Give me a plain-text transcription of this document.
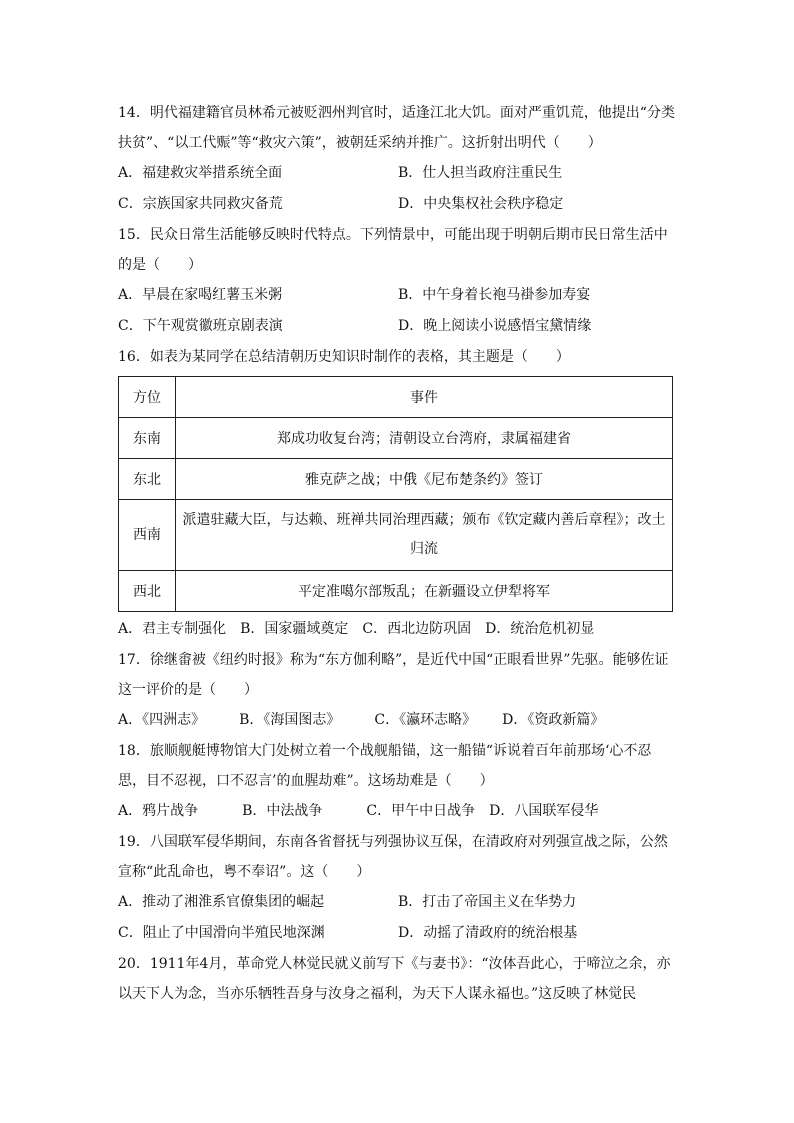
14．明代福建籍官员林希元被贬泗州判官时，适逢江北大饥。面对严重饥荒，他提出“分类扶贫”、“以工代赈”等“救灾六策”，被朝廷采纳并推广。这折射出明代（　　）

A．福建救灾举措系统全面	B．仕人担当政府注重民生
C．宗族国家共同救灾备荒	D．中央集权社会秩序稳定

15．民众日常生活能够反映时代特点。下列情景中，可能出现于明朝后期市民日常生活中的是（　　）

A．早晨在家喝红薯玉米粥	B．中午身着长袍马褂参加寿宴
C．下午观赏徽班京剧表演	D．晚上阅读小说感悟宝黛情缘

16．如表为某同学在总结清朝历史知识时制作的表格，其主题是（　　）

方位	事件
东南	郑成功收复台湾；清朝设立台湾府，隶属福建省
东北	雅克萨之战；中俄《尼布楚条约》签订
西南	派遣驻藏大臣，与达赖、班禅共同治理西藏；颁布《钦定藏内善后章程》；改土归流
西北	平定准噶尔部叛乱；在新疆设立伊犁将军
A．君主专制强化 B．国家疆域奠定 C．西北边防巩固 D．统治危机初显

17．徐继畬被《纽约时报》称为“东方伽利略”，是近代中国“正眼看世界”先驱。能够佐证这一评价的是（　　）

A．《四洲志》 B．《海国图志》 C．《瀛环志略》 D．《资政新篇》

18．旅顺舰艇博物馆大门处树立着一个战舰船锚，这一船锚“诉说着百年前那场‘心不忍思，目不忍视，口不忍言’的血腥劫难”。这场劫难是（　　）

A．鸦片战争	B．中法战争	C．甲午中日战争 D．八国联军侵华

19．八国联军侵华期间，东南各省督抚与列强协议互保，在清政府对列强宣战之际，公然宣称“此乱命也，粤不奉诏”。这（　　）

A．推动了湘淮系官僚集团的崛起	B．打击了帝国主义在华势力
C．阻止了中国滑向半殖民地深渊	D．动摇了清政府的统治根基

20．1911年4月，革命党人林觉民就义前写下《与妻书》：“汝体吾此心，于啼泣之余，亦以天下人为念，当亦乐牺牲吾身与汝身之福利，为天下人谋永福也。”这反映了林觉民
